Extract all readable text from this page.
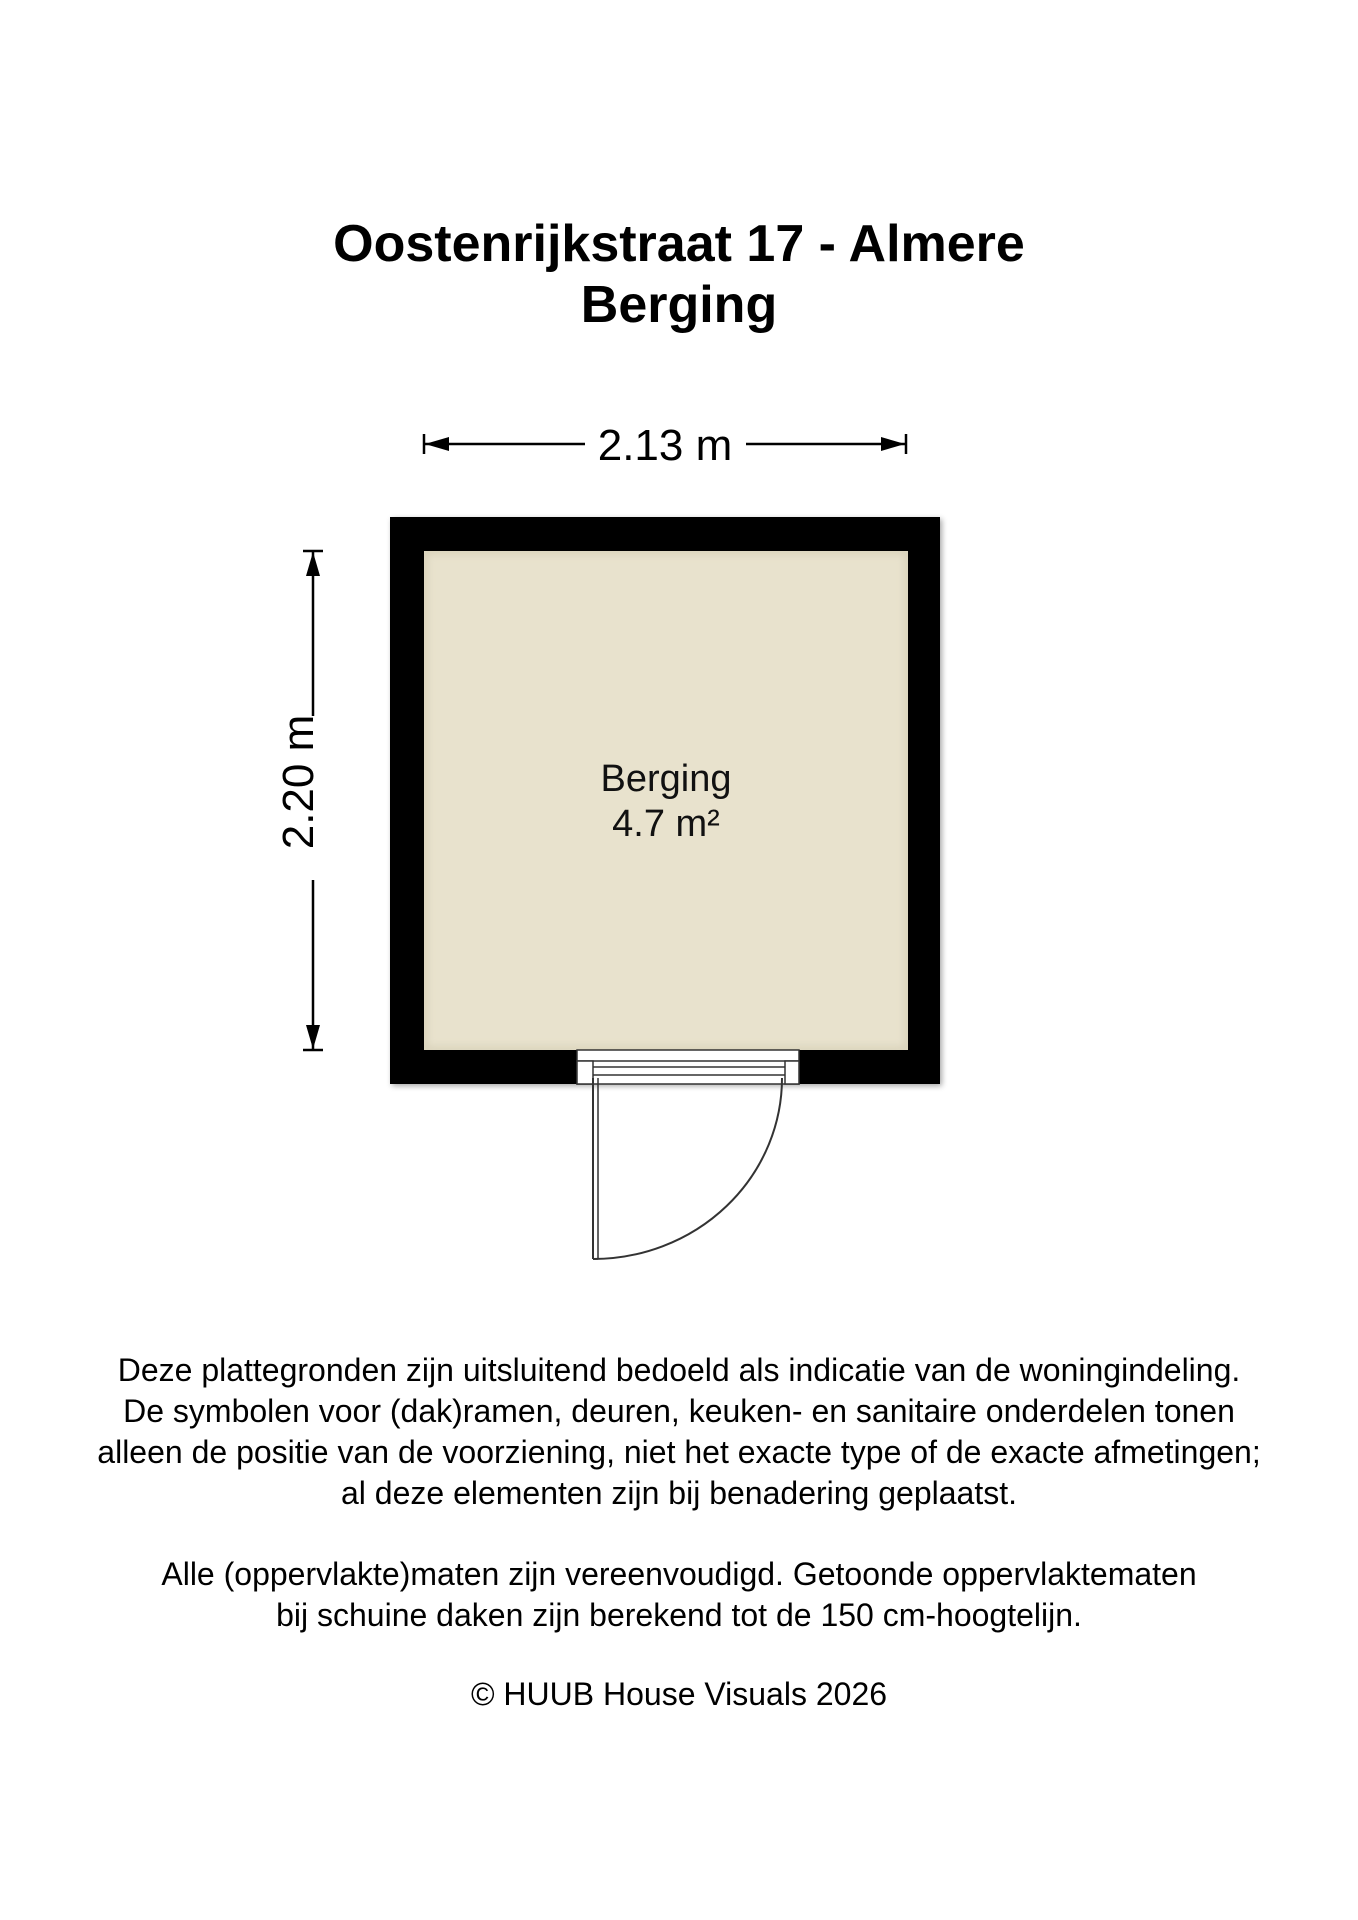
Oostenrijkstraat 17 - Almere
Berging
2.13 m
2.20 m	Berging
4.7 m²

Deze plattegronden zijn uitsluitend bedoeld als indicatie van de woningindeling.

De symbolen voor (dak)ramen, deuren, keuken- en sanitaire onderdelen tonen

alleen de positie van de voorziening, niet het exacte type of de exacte afmetingen;

al deze elementen zijn bij benadering geplaatst.

Alle (oppervlakte)maten zijn vereenvoudigd. Getoonde oppervlaktematen

bij schuine daken zijn berekend tot de 150 cm-hoogtelijn.

© HUUB House Visuals 2026
